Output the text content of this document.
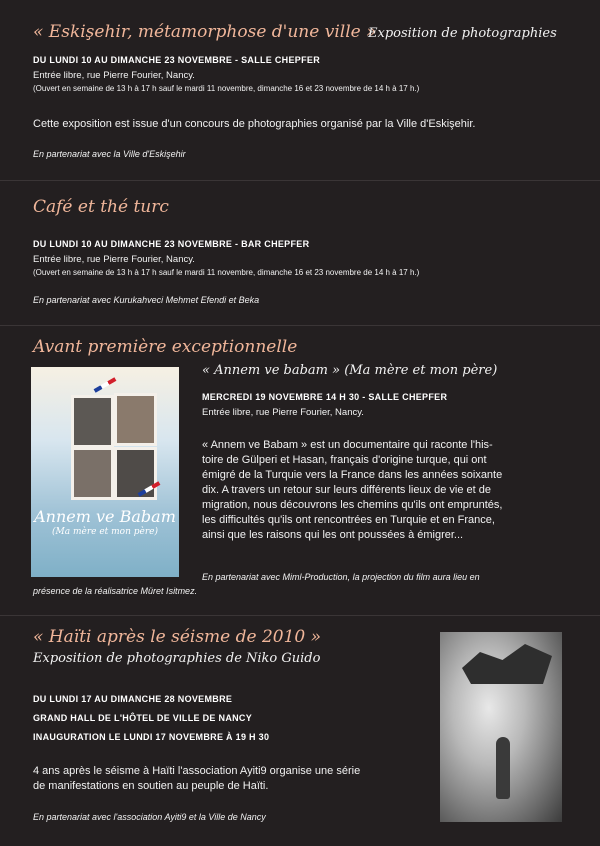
« Eskişehir, métamorphose d'une ville »
Exposition de photographies
DU LUNDI 10 AU DIMANCHE 23 NOVEMBRE - SALLE CHEPFER
Entrée libre, rue Pierre Fourier, Nancy.
(Ouvert en semaine de 13 h à 17 h sauf le mardi 11 novembre, dimanche 16 et 23 novembre de 14 h à 17 h.)
Cette exposition est issue d'un concours de photographies organisé par la Ville d'Eskişehir.
En partenariat avec la Ville d'Eskişehir
Café et thé turc
DU LUNDI 10 AU DIMANCHE 23 NOVEMBRE - BAR CHEPFER
Entrée libre, rue Pierre Fourier, Nancy.
(Ouvert en semaine de 13 h à 17 h sauf le mardi 11 novembre, dimanche 16 et 23 novembre de 14 h à 17 h.)
En partenariat avec Kurukahveci Mehmet Efendi et Beka
Avant première exceptionnelle
Annem ve Babam
(Ma mère et mon père)
« Annem ve babam » (Ma mère et mon père)
MERCREDI 19 NOVEMBRE 14 H 30 - SALLE CHEPFER
Entrée libre, rue Pierre Fourier, Nancy.
« Annem ve Babam » est un documentaire qui raconte l'his-
toire de Gülperi et Hasan, français d'origine turque, qui ont
émigré de la Turquie vers la France dans les années soixante
dix. A travers un retour sur leurs différents lieux de vie et de
migration, nous découvrons les chemins qu'ils ont empruntés,
les difficultés qu'ils ont rencontrées en Turquie et en France,
ainsi que les raisons qui les ont poussées à émigrer...
En partenariat avec Miml-Production, la projection du film aura lieu en
présence de la réalisatrice Müret Isitmez.
« Haïti après le séisme de 2010 »
Exposition de photographies de Niko Guido
DU LUNDI 17 AU DIMANCHE 28 NOVEMBRE
GRAND HALL DE L'HÔTEL DE VILLE DE NANCY
INAUGURATION LE LUNDI 17 NOVEMBRE À 19 H 30
4 ans après le séisme à Haïti l'association Ayiti9 organise une série
de manifestations en soutien au peuple de Haïti.
En partenariat avec l'association Ayiti9 et la Ville de Nancy
